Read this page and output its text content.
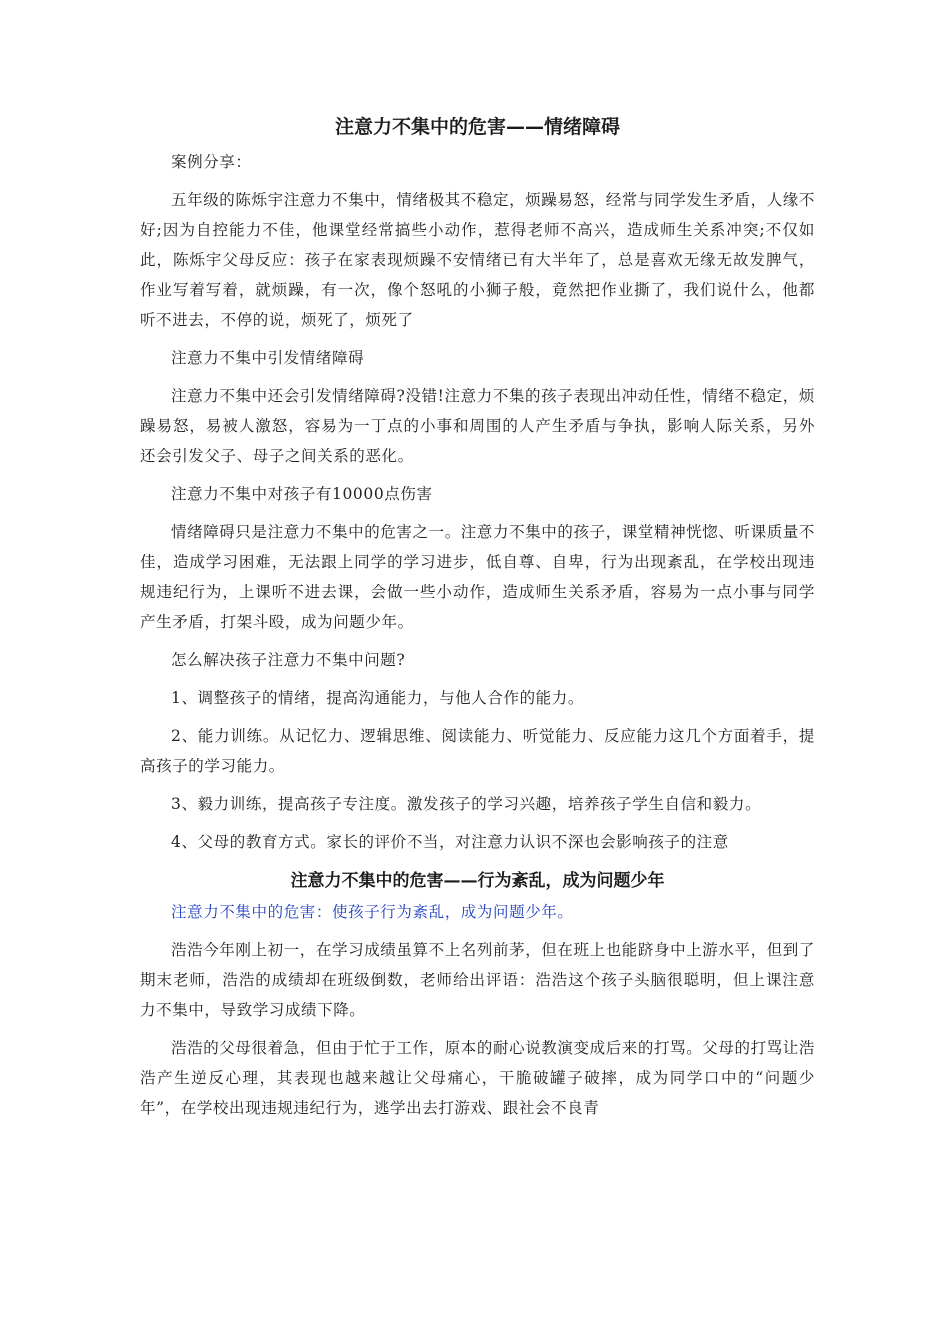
注意力不集中的危害——情绪障碍

案例分享：

五年级的陈烁宇注意力不集中，情绪极其不稳定，烦躁易怒，经常与同学发生矛盾，人缘不好;因为自控能力不佳，他课堂经常搞些小动作，惹得老师不高兴，造成师生关系冲突;不仅如此，陈烁宇父母反应：孩子在家表现烦躁不安情绪已有大半年了，总是喜欢无缘无故发脾气，作业写着写着，就烦躁，有一次，像个怒吼的小狮子般，竟然把作业撕了，我们说什么，他都听不进去，不停的说，烦死了，烦死了

注意力不集中引发情绪障碍

注意力不集中还会引发情绪障碍?没错!注意力不集的孩子表现出冲动任性，情绪不稳定，烦躁易怒，易被人激怒，容易为一丁点的小事和周围的人产生矛盾与争执，影响人际关系，另外还会引发父子、母子之间关系的恶化。

注意力不集中对孩子有10000点伤害

情绪障碍只是注意力不集中的危害之一。注意力不集中的孩子，课堂精神恍惚、听课质量不佳，造成学习困难，无法跟上同学的学习进步，低自尊、自卑，行为出现紊乱，在学校出现违规违纪行为，上课听不进去课，会做一些小动作，造成师生关系矛盾，容易为一点小事与同学产生矛盾，打架斗殴，成为问题少年。

怎么解决孩子注意力不集中问题?

1、调整孩子的情绪，提高沟通能力，与他人合作的能力。

2、能力训练。从记忆力、逻辑思维、阅读能力、听觉能力、反应能力这几个方面着手，提高孩子的学习能力。

3、毅力训练，提高孩子专注度。激发孩子的学习兴趣，培养孩子学生自信和毅力。

4、父母的教育方式。家长的评价不当，对注意力认识不深也会影响孩子的注意

注意力不集中的危害——行为紊乱，成为问题少年

注意力不集中的危害：使孩子行为紊乱，成为问题少年。

浩浩今年刚上初一，在学习成绩虽算不上名列前茅，但在班上也能跻身中上游水平，但到了期末老师，浩浩的成绩却在班级倒数，老师给出评语：浩浩这个孩子头脑很聪明，但上课注意力不集中，导致学习成绩下降。

浩浩的父母很着急，但由于忙于工作，原本的耐心说教演变成后来的打骂。父母的打骂让浩浩产生逆反心理，其表现也越来越让父母痛心，干脆破罐子破摔，成为同学口中的“问题少年”，在学校出现违规违纪行为，逃学出去打游戏、跟社会不良青
